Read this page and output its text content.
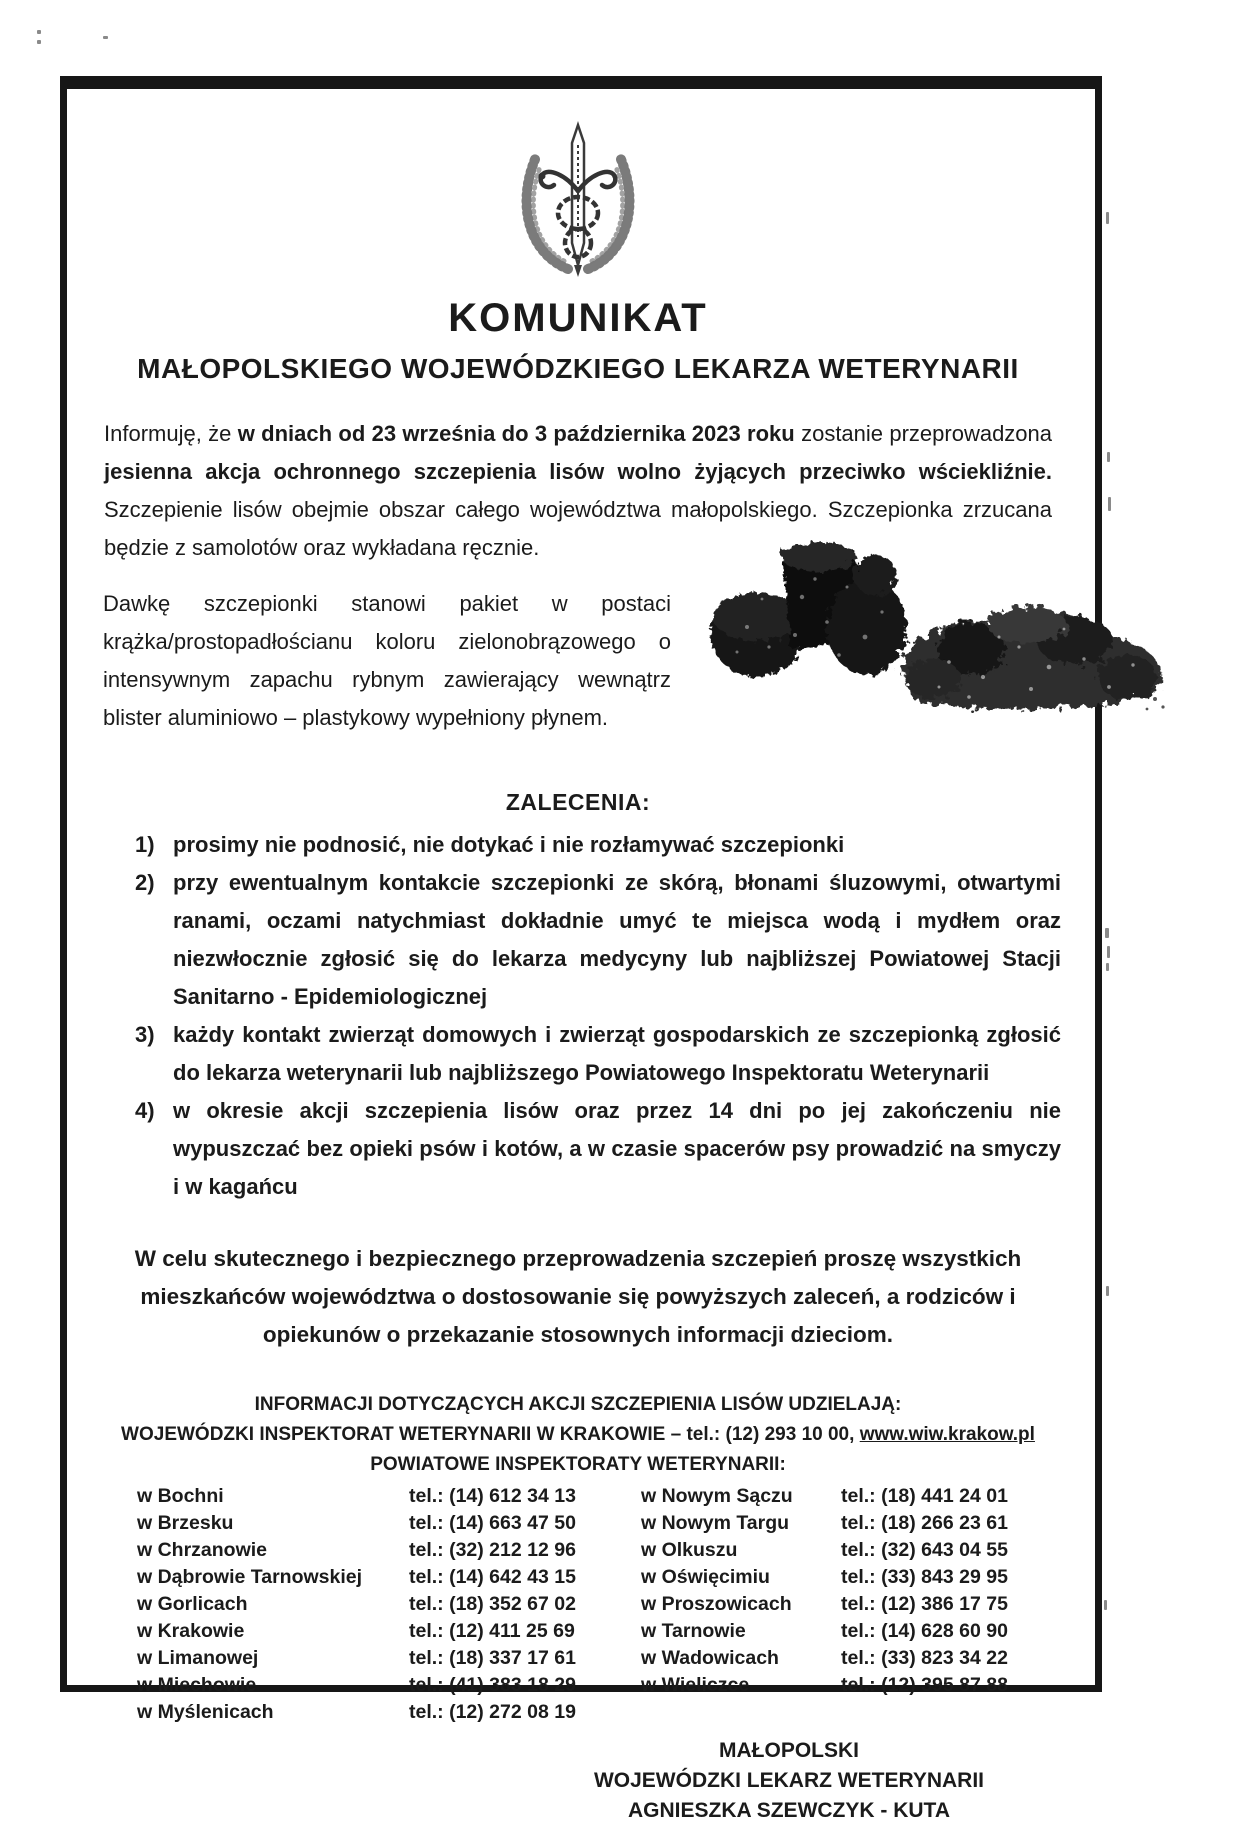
KOMUNIKAT
MAŁOPOLSKIEGO WOJEWÓDZKIEGO LEKARZA WETERYNARII
Informuję, że w dniach od 23 września do 3 października 2023 roku zostanie przeprowadzona jesienna akcja ochronnego szczepienia lisów wolno żyjących przeciwko wściekliźnie. Szczepienie lisów obejmie obszar całego województwa małopolskiego. Szczepionka zrzucana będzie z samolotów oraz wykładana ręcznie.
Dawkę szczepionki stanowi pakiet w postaci krążka/prostopadłościanu koloru zielonobrązowego o intensywnym zapachu rybnym zawierający wewnątrz blister aluminiowo – plastykowy wypełniony płynem.
ZALECENIA:
1) prosimy nie podnosić, nie dotykać i nie rozłamywać szczepionki
2) przy ewentualnym kontakcie szczepionki ze skórą, błonami śluzowymi, otwartymi ranami, oczami natychmiast dokładnie umyć te miejsca wodą i mydłem oraz niezwłocznie zgłosić się do lekarza medycyny lub najbliższej Powiatowej Stacji Sanitarno - Epidemiologicznej
3) każdy kontakt zwierząt domowych i zwierząt gospodarskich ze szczepionką zgłosić do lekarza weterynarii lub najbliższego Powiatowego Inspektoratu Weterynarii
4) w okresie akcji szczepienia lisów oraz przez 14 dni po jej zakończeniu nie wypuszczać bez opieki psów i kotów, a w czasie spacerów psy prowadzić na smyczy i w kagańcu
W celu skutecznego i bezpiecznego przeprowadzenia szczepień proszę wszystkich mieszkańców województwa o dostosowanie się powyższych zaleceń, a rodziców i opiekunów o przekazanie stosownych informacji dzieciom.
INFORMACJI DOTYCZĄCYCH AKCJI SZCZEPIENIA LISÓW UDZIELAJĄ:
WOJEWÓDZKI INSPEKTORAT WETERYNARII W KRAKOWIE – tel.: (12) 293 10 00, www.wiw.krakow.pl
POWIATOWE INSPEKTORATY WETERYNARII:
w Bochni	tel.: (14) 612 34 13	w Nowym Sączu	tel.: (18) 441 24 01
w Brzesku	tel.: (14) 663 47 50	w Nowym Targu	tel.: (18) 266 23 61
w Chrzanowie	tel.: (32) 212 12 96	w Olkuszu	tel.: (32) 643 04 55
w Dąbrowie Tarnowskiej	tel.: (14) 642 43 15	w Oświęcimiu	tel.: (33) 843 29 95
w Gorlicach	tel.: (18) 352 67 02	w Proszowicach	tel.: (12) 386 17 75
w Krakowie	tel.: (12) 411 25 69	w Tarnowie	tel.: (14) 628 60 90
w Limanowej	tel.: (18) 337 17 61	w Wadowicach	tel.: (33) 823 34 22
w Miechowie	tel.: (41) 383 18 29	w Wieliczce	tel.: (12) 395 87 88
w Myślenicach	tel.: (12) 272 08 19
MAŁOPOLSKI
WOJEWÓDZKI LEKARZ WETERYNARII
AGNIESZKA SZEWCZYK - KUTA
